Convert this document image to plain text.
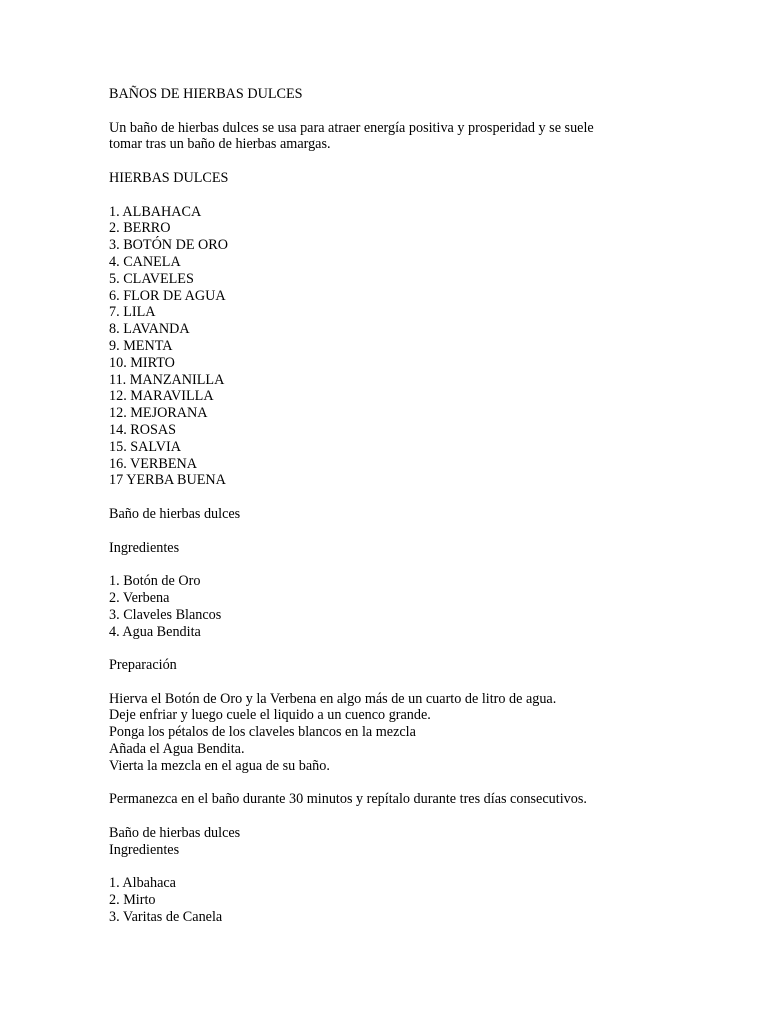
BAÑOS DE HIERBAS DULCES
Un baño de hierbas dulces se usa para atraer energía positiva y prosperidad y se suele
tomar tras un baño de hierbas amargas.
HIERBAS DULCES
1. ALBAHACA
2. BERRO
3. BOTÓN DE ORO
4. CANELA
5. CLAVELES
6. FLOR DE AGUA
7. LILA
8. LAVANDA
9. MENTA
10. MIRTO
11. MANZANILLA
12. MARAVILLA
12. MEJORANA
14. ROSAS
15. SALVIA
16. VERBENA
17 YERBA BUENA
Baño de hierbas dulces
Ingredientes
1. Botón de Oro
2. Verbena
3. Claveles Blancos
4. Agua Bendita
Preparación
Hierva el Botón de Oro y la Verbena en algo más de un cuarto de litro de agua.
Deje enfriar y luego cuele el liquido a un cuenco grande.
Ponga los pétalos de los claveles blancos en la mezcla
Añada el Agua Bendita.
Vierta la mezcla en el agua de su baño.
Permanezca en el baño durante 30 minutos y repítalo durante tres días consecutivos.
Baño de hierbas dulces
Ingredientes
1. Albahaca
2. Mirto
3. Varitas de Canela
